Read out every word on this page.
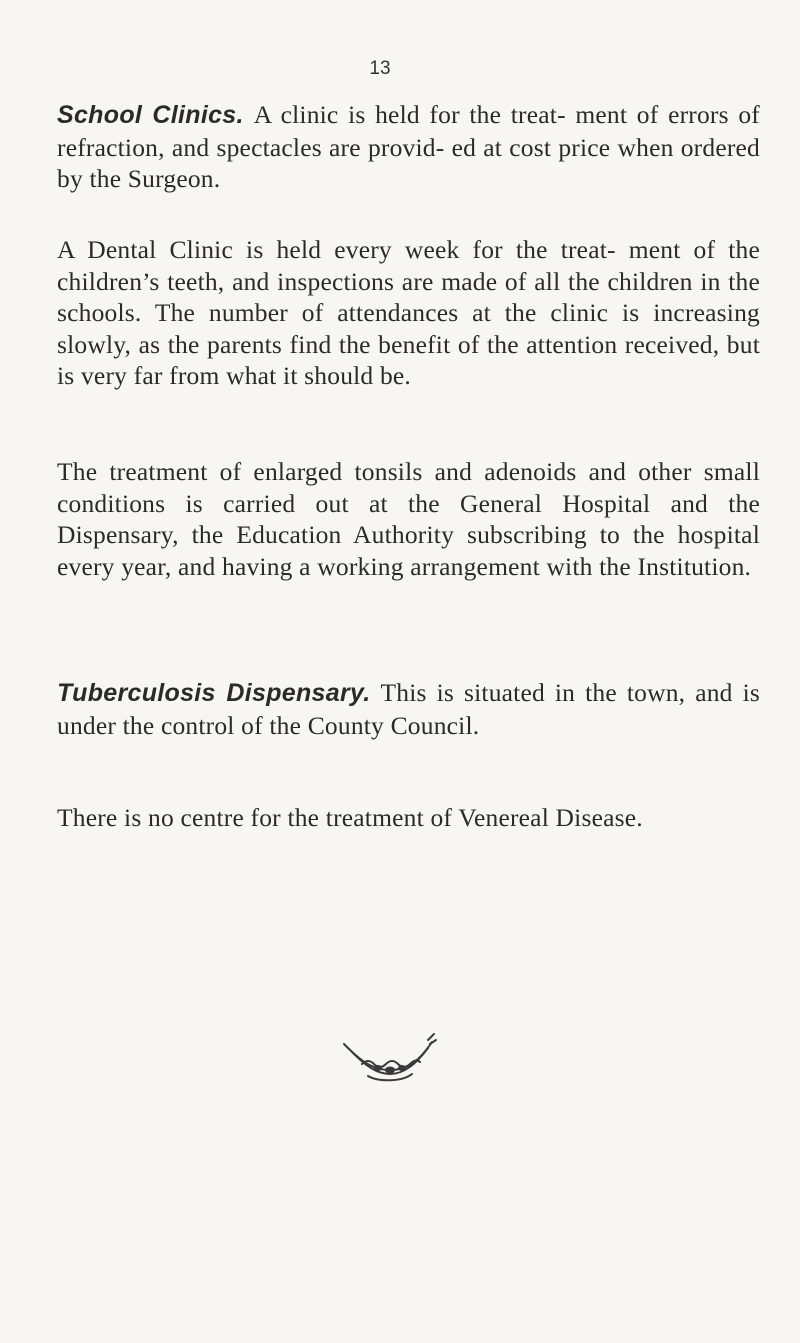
13

School Clinics. A clinic is held for the treat- ment of errors of refraction, and spectacles are provid- ed at cost price when ordered by the Surgeon.

A Dental Clinic is held every week for the treat- ment of the children’s teeth, and inspections are made of all the children in the schools. The number of attendances at the clinic is increasing slowly, as the parents find the benefit of the attention received, but is very far from what it should be.

The treatment of enlarged tonsils and adenoids and other small conditions is carried out at the General Hospital and the Dispensary, the Education Authority subscribing to the hospital every year, and having a working arrangement with the Institution.

Tuberculosis Dispensary. This is situated in the town, and is under the control of the County Council.

There is no centre for the treatment of Venereal Disease.
